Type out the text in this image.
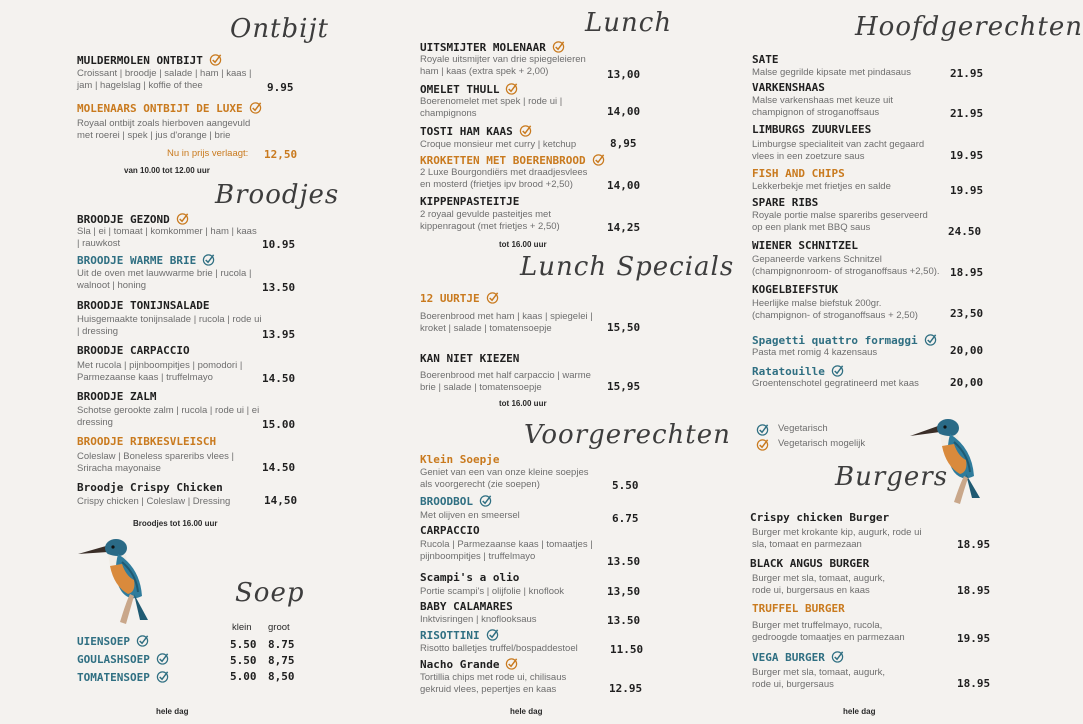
Ontbijt
MULDERMOLEN ONTBIJT
Croissant | broodje | salade | ham | kaas | jam | hagelslag | koffie of thee	9.95
MOLENAARS ONTBIJT DE LUXE
Royaal ontbijt zoals hierboven aangevuld met roerei | spek | jus d'orange | brie
Nu in prijs verlaagt: 12,50
van 10.00 tot 12.00 uur
Broodjes
BROODJE GEZOND
Sla | ei | tomaat | komkommer | ham | kaas | rauwkost	10.95
BROODJE WARME BRIE
Uit de oven met lauwwarme brie | rucola | walnoot | honing	13.50
BROODJE TONIJNSALADE
Huisgemaakte tonijnsalade | rucola | rode ui | dressing	13.95
BROODJE CARPACCIO
Met rucola | pijnboompitjes | pomodori | Parmezaanse kaas | truffelmayo	14.50
BROODJE ZALM
Schotse gerookte zalm | rucola | rode ui | ei dressing	15.00
BROODJE RIBKESVLEISCH
Coleslaw | Boneless spareribs vlees | Sriracha mayonaise	14.50
Broodje Crispy Chicken
Crispy chicken | Coleslaw | Dressing	14,50
Broodjes tot 16.00 uur
Soep
klein groot
UIENSOEP	5.50 8.75
GOULASHSOEP	5.50 8,75
TOMATENSOEP	5.00 8,50
hele dag
Lunch
UITSMIJTER MOLENAAR
Royale uitsmijter van drie spiegeleieren ham | kaas (extra spek + 2,00)	13,00
OMELET THULL
Boerenomelet met spek | rode ui | champignons	14,00
TOSTI HAM KAAS
Croque monsieur met curry | ketchup	8,95
KROKETTEN MET BOERENBROOD
2 Luxe Bourgondiërs met draadjesvlees en mosterd (frietjes ipv brood +2,50)	14,00
KIPPENPASTEITJE
2 royaal gevulde pasteitjes met kippenragout (met frietjes + 2,50)	14,25
tot 16.00 uur
Lunch Specials
12 UURTJE
Boerenbrood met ham | kaas | spiegelei | kroket | salade | tomatensoepje	15,50
KAN NIET KIEZEN
Boerenbrood met half carpaccio | warme brie | salade | tomatensoepje	15,95
tot 16.00 uur
Voorgerechten
Klein Soepje
Geniet van een van onze kleine soepjes als voorgerecht (zie soepen)	5.50
BROODBOL
Met olijven en smeersel	6.75
CARPACCIO
Rucola | Parmezaanse kaas | tomaatjes | pijnboompitjes | truffelmayo	13.50
Scampi's a olio
Portie scampi's | olijfolie | knoflook	13,50
BABY CALAMARES
Inktvisringen | knoflooksaus	13.50
RISOTTINI
Risotto balletjes truffel/bospaddestoel	11.50
Nacho Grande
Tortillia chips met rode ui, chilisaus gekruid vlees, pepertjes en kaas	12.95
hele dag
Hoofdgerechten
SATE
Malse gegrilde kipsate met pindasaus	21.95
VARKENSHAAS
Malse varkenshaas met keuze uit champignon of stroganoffsaus	21.95
LIMBURGS ZUURVLEES
Limburgse specialiteit van zacht gegaard vlees in een zoetzure saus	19.95
FISH AND CHIPS
Lekkerbekje met frietjes en salde	19.95
SPARE RIBS
Royale portie malse spareribs geserveerd op een plank met BBQ saus	24.50
WIENER SCHNITZEL
Gepaneerde varkens Schnitzel (champignonroom- of stroganoffsaus +2,50). 18.95
KOGELBIEFSTUK
Heerlijke malse biefstuk 200gr. (champignon- of stroganoffsaus + 2,50)	23,50
Spagetti quattro formaggi
Pasta met romig 4 kazensaus	20,00
Ratatouille
Groentenschotel gegratineerd met kaas	20,00
Vegetarisch
Vegetarisch mogelijk
Burgers
Crispy chicken Burger
Burger met krokante kip, augurk, rode ui sla, tomaat en parmezaan	18.95
BLACK ANGUS BURGER
Burger met sla, tomaat, augurk, rode ui, burgersaus en kaas	18.95
TRUFFEL BURGER
Burger met truffelmayo, rucola, gedroogde tomaatjes en parmezaan	19.95
VEGA BURGER
Burger met sla, tomaat, augurk, rode ui, burgersaus	18.95
hele dag
